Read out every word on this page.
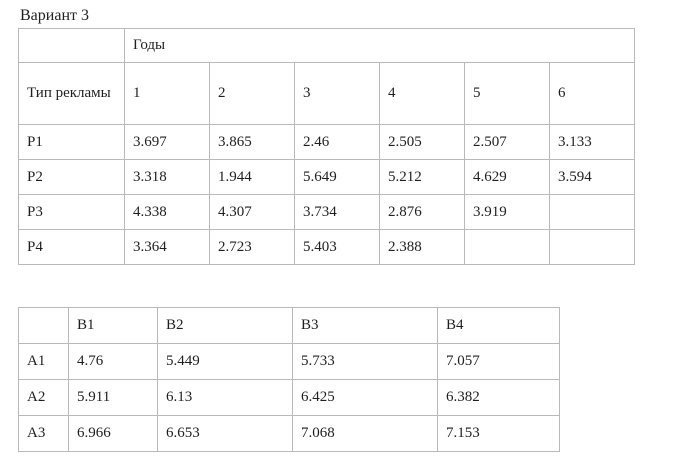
Вариант 3

	Годы					
Тип рекламы	1	2	3	4	5	6
P1	3.697	3.865	2.46	2.505	2.507	3.133
P2	3.318	1.944	5.649	5.212	4.629	3.594
P3	4.338	4.307	3.734	2.876	3.919	
P4	3.364	2.723	5.403	2.388		
	B1	B2	B3	B4
A1	4.76	5.449	5.733	7.057
A2	5.911	6.13	6.425	6.382
A3	6.966	6.653	7.068	7.153
